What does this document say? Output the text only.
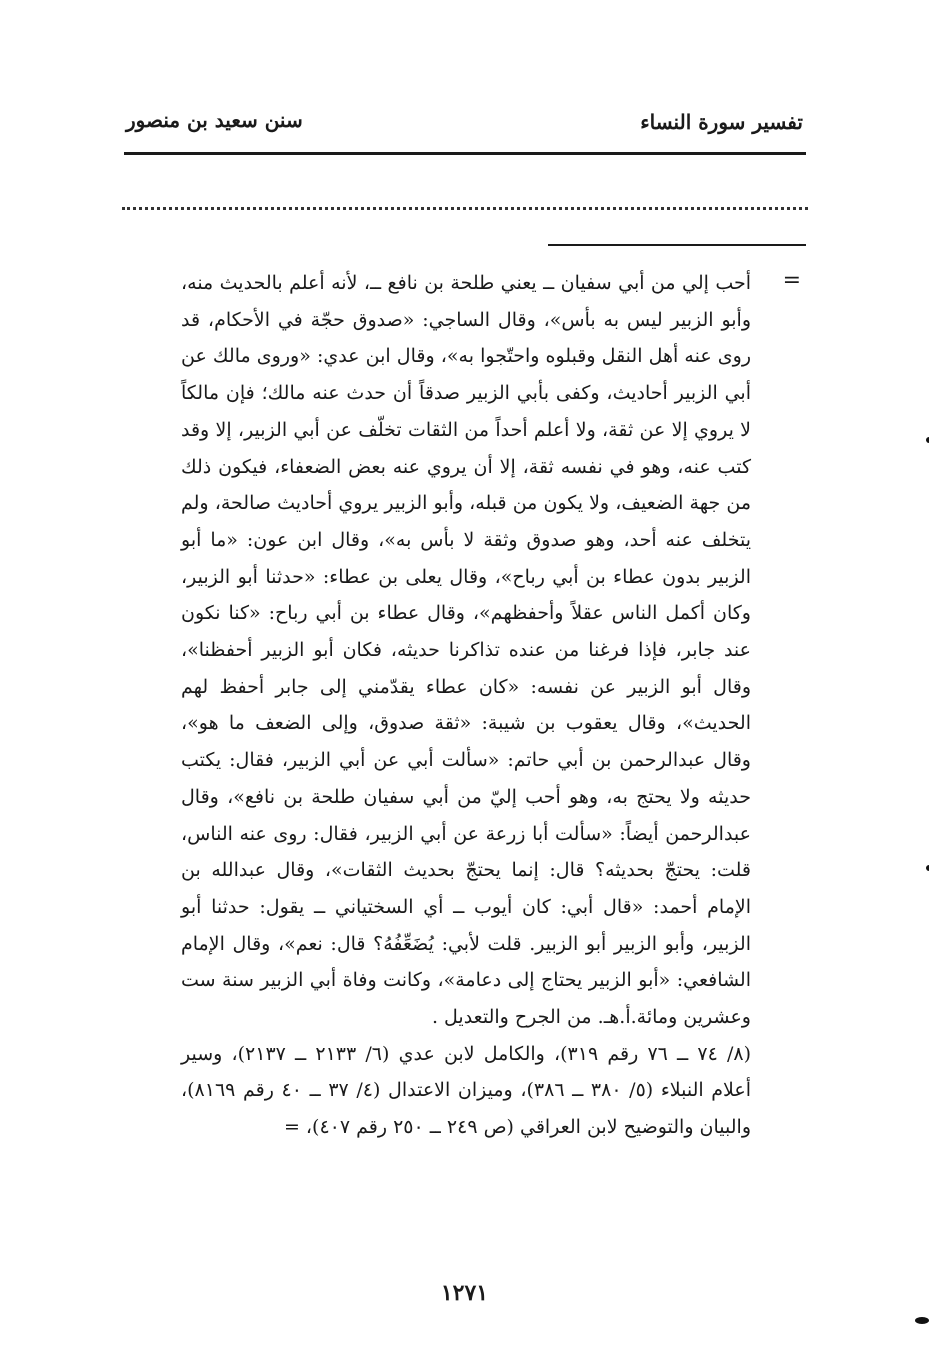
تفسير سورة النساء
سنن سعيد بن منصور
=

أحب إلي من أبي سفيان ــ يعني طلحة بن نافع ــ، لأنه أعلم بالحديث منه، وأبو الزبير ليس به بأس»، وقال الساجي: «صدوق حجّة في الأحكام، قد روى عنه أهل النقل وقبلوه واحتّجوا به»، وقال ابن عدي: «وروى مالك عن أبي الزبير أحاديث، وكفى بأبي الزبير صدقاً أن حدث عنه مالك؛ فإن مالكاً لا يروي إلا عن ثقة، ولا أعلم أحداً من الثقات تخلّف عن أبي الزبير، إلا وقد كتب عنه، وهو في نفسه ثقة، إلا أن يروي عنه بعض الضعفاء، فيكون ذلك من جهة الضعيف، ولا يكون من قبله، وأبو الزبير يروي أحاديث صالحة، ولم يتخلف عنه أحد، وهو صدوق وثقة لا بأس به»، وقال ابن عون: «ما أبو الزبير بدون عطاء بن أبي رباح»، وقال يعلى بن عطاء: «حدثنا أبو الزبير، وكان أكمل الناس عقلاً وأحفظهم»، وقال عطاء بن أبي رباح: «كنا نكون عند جابر، فإذا فرغنا من عنده تذاكرنا حديثه، فكان أبو الزبير أحفظنا»، وقال أبو الزبير عن نفسه: «كان عطاء يقدّمني إلى جابر أحفظ لهم الحديث»، وقال يعقوب بن شيبة: «ثقة صدوق، وإلى الضعف ما هو»، وقال عبدالرحمن بن أبي حاتم: «سألت أبي عن أبي الزبير، فقال: يكتب حديثه ولا يحتج به، وهو أحب إليّ من أبي سفيان طلحة بن نافع»، وقال عبدالرحمن أيضاً: «سألت أبا زرعة عن أبي الزبير، فقال: روى عنه الناس، قلت: يحتجّ بحديثه؟ قال: إنما يحتجّ بحديث الثقات»، وقال عبدالله بن الإمام أحمد: «قال أبي: كان أيوب ــ أي السختياني ــ يقول: حدثنا أبو الزبير، وأبو الزبير أبو الزبير. قلت لأبي: يُضَعِّفُهُ؟ قال: نعم»، وقال الإمام الشافعي: «أبو الزبير يحتاج إلى دعامة»، وكانت وفاة أبي الزبير سنة ست وعشرين ومائة.أ.هـ. من الجرح والتعديل .

(٨/ ٧٤ ــ ٧٦ رقم ٣١٩)، والكامل لابن عدي (٦/ ٢١٣٣ ــ ٢١٣٧)، وسير أعلام النبلاء (٥/ ٣٨٠ ــ ٣٨٦)، وميزان الاعتدال (٤/ ٣٧ ــ ٤٠ رقم ٨١٦٩)، والبيان والتوضيح لابن العراقي (ص ٢٤٩ ــ ٢٥٠ رقم ٤٠٧)، =

١٢٧١
